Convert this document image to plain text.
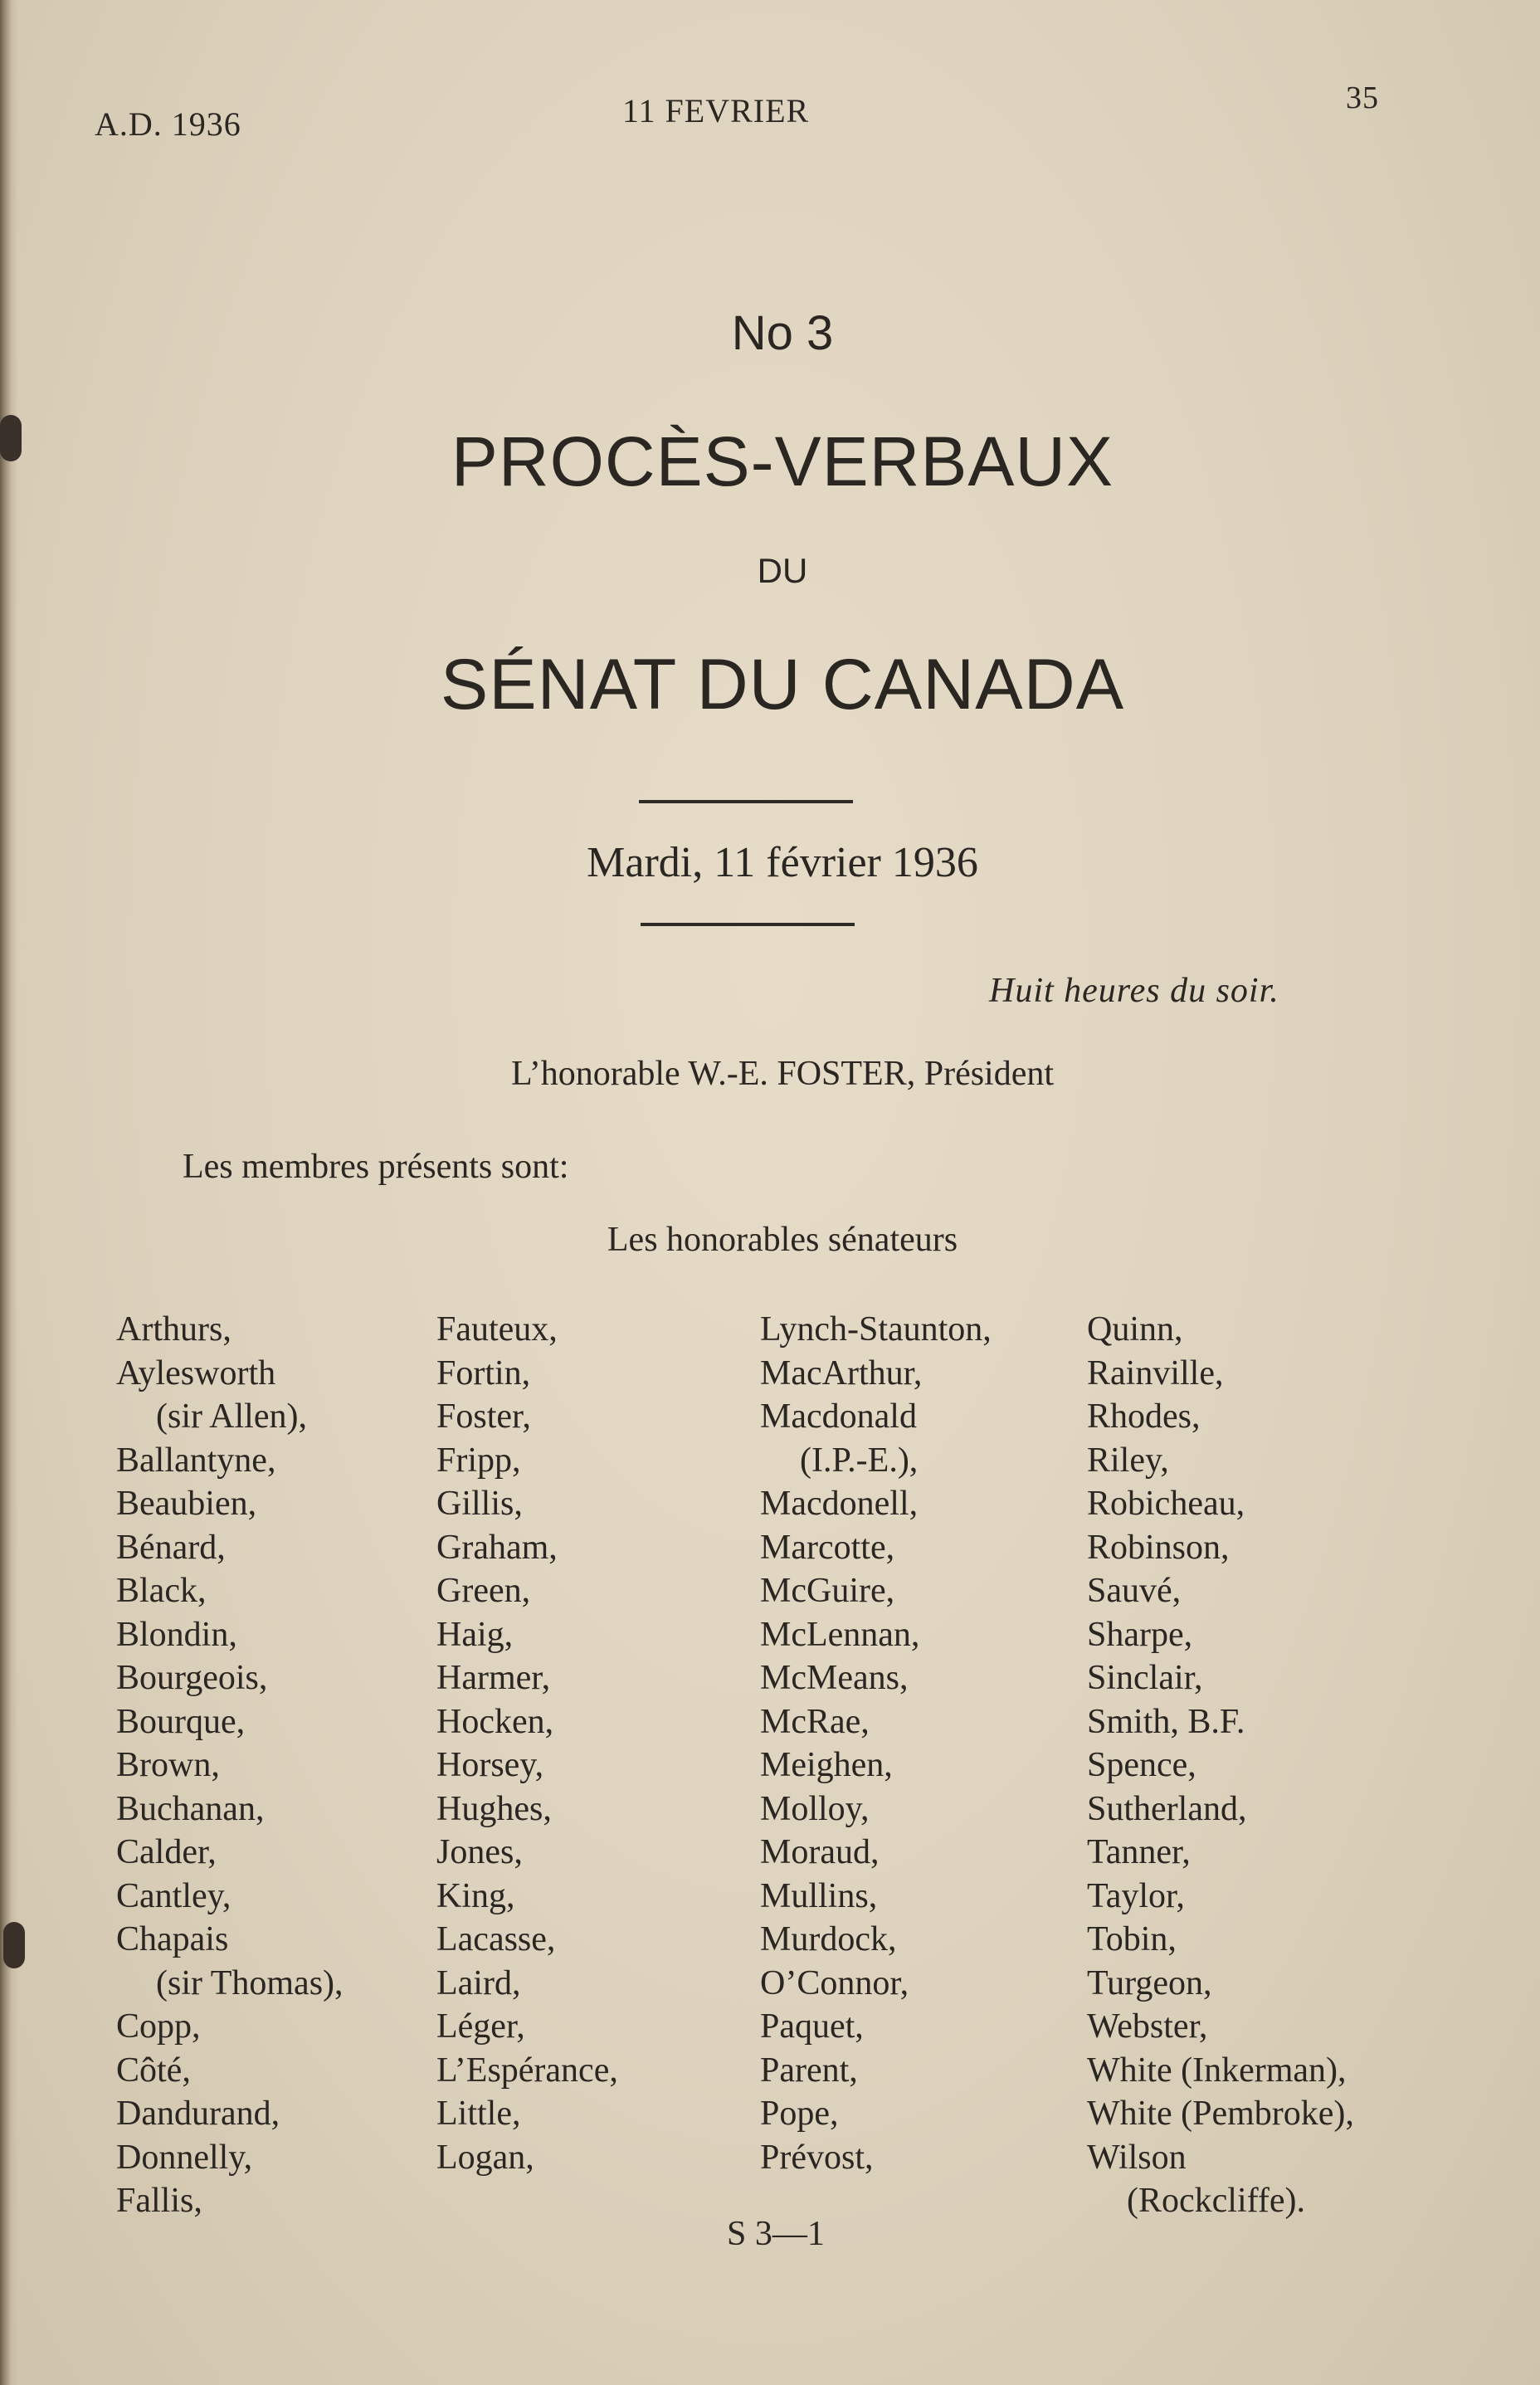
A.D. 1936	11 FEVRIER	35
No 3
PROCÈS-VERBAUX
DU
SÉNAT DU CANADA
Mardi, 11 février 1936
Huit heures du soir.
L’honorable W.-E. FOSTER, Président
Les membres présents sont:
Les honorables sénateurs
Arthurs,
Aylesworth
(sir Allen),
Ballantyne,
Beaubien,
Bénard,
Black,
Blondin,
Bourgeois,
Bourque,
Brown,
Buchanan,
Calder,
Cantley,
Chapais
(sir Thomas),
Copp,
Côté,
Dandurand,
Donnelly,
Fallis,
Fauteux,
Fortin,
Foster,
Fripp,
Gillis,
Graham,
Green,
Haig,
Harmer,
Hocken,
Horsey,
Hughes,
Jones,
King,
Lacasse,
Laird,
Léger,
L’Espérance,
Little,
Logan,
Lynch-Staunton,
MacArthur,
Macdonald
(I.P.-E.),
Macdonell,
Marcotte,
McGuire,
McLennan,
McMeans,
McRae,
Meighen,
Molloy,
Moraud,
Mullins,
Murdock,
O’Connor,
Paquet,
Parent,
Pope,
Prévost,
Quinn,
Rainville,
Rhodes,
Riley,
Robicheau,
Robinson,
Sauvé,
Sharpe,
Sinclair,
Smith, B.F.
Spence,
Sutherland,
Tanner,
Taylor,
Tobin,
Turgeon,
Webster,
White (Inkerman),
White (Pembroke),
Wilson
(Rockcliffe).
S 3—1
